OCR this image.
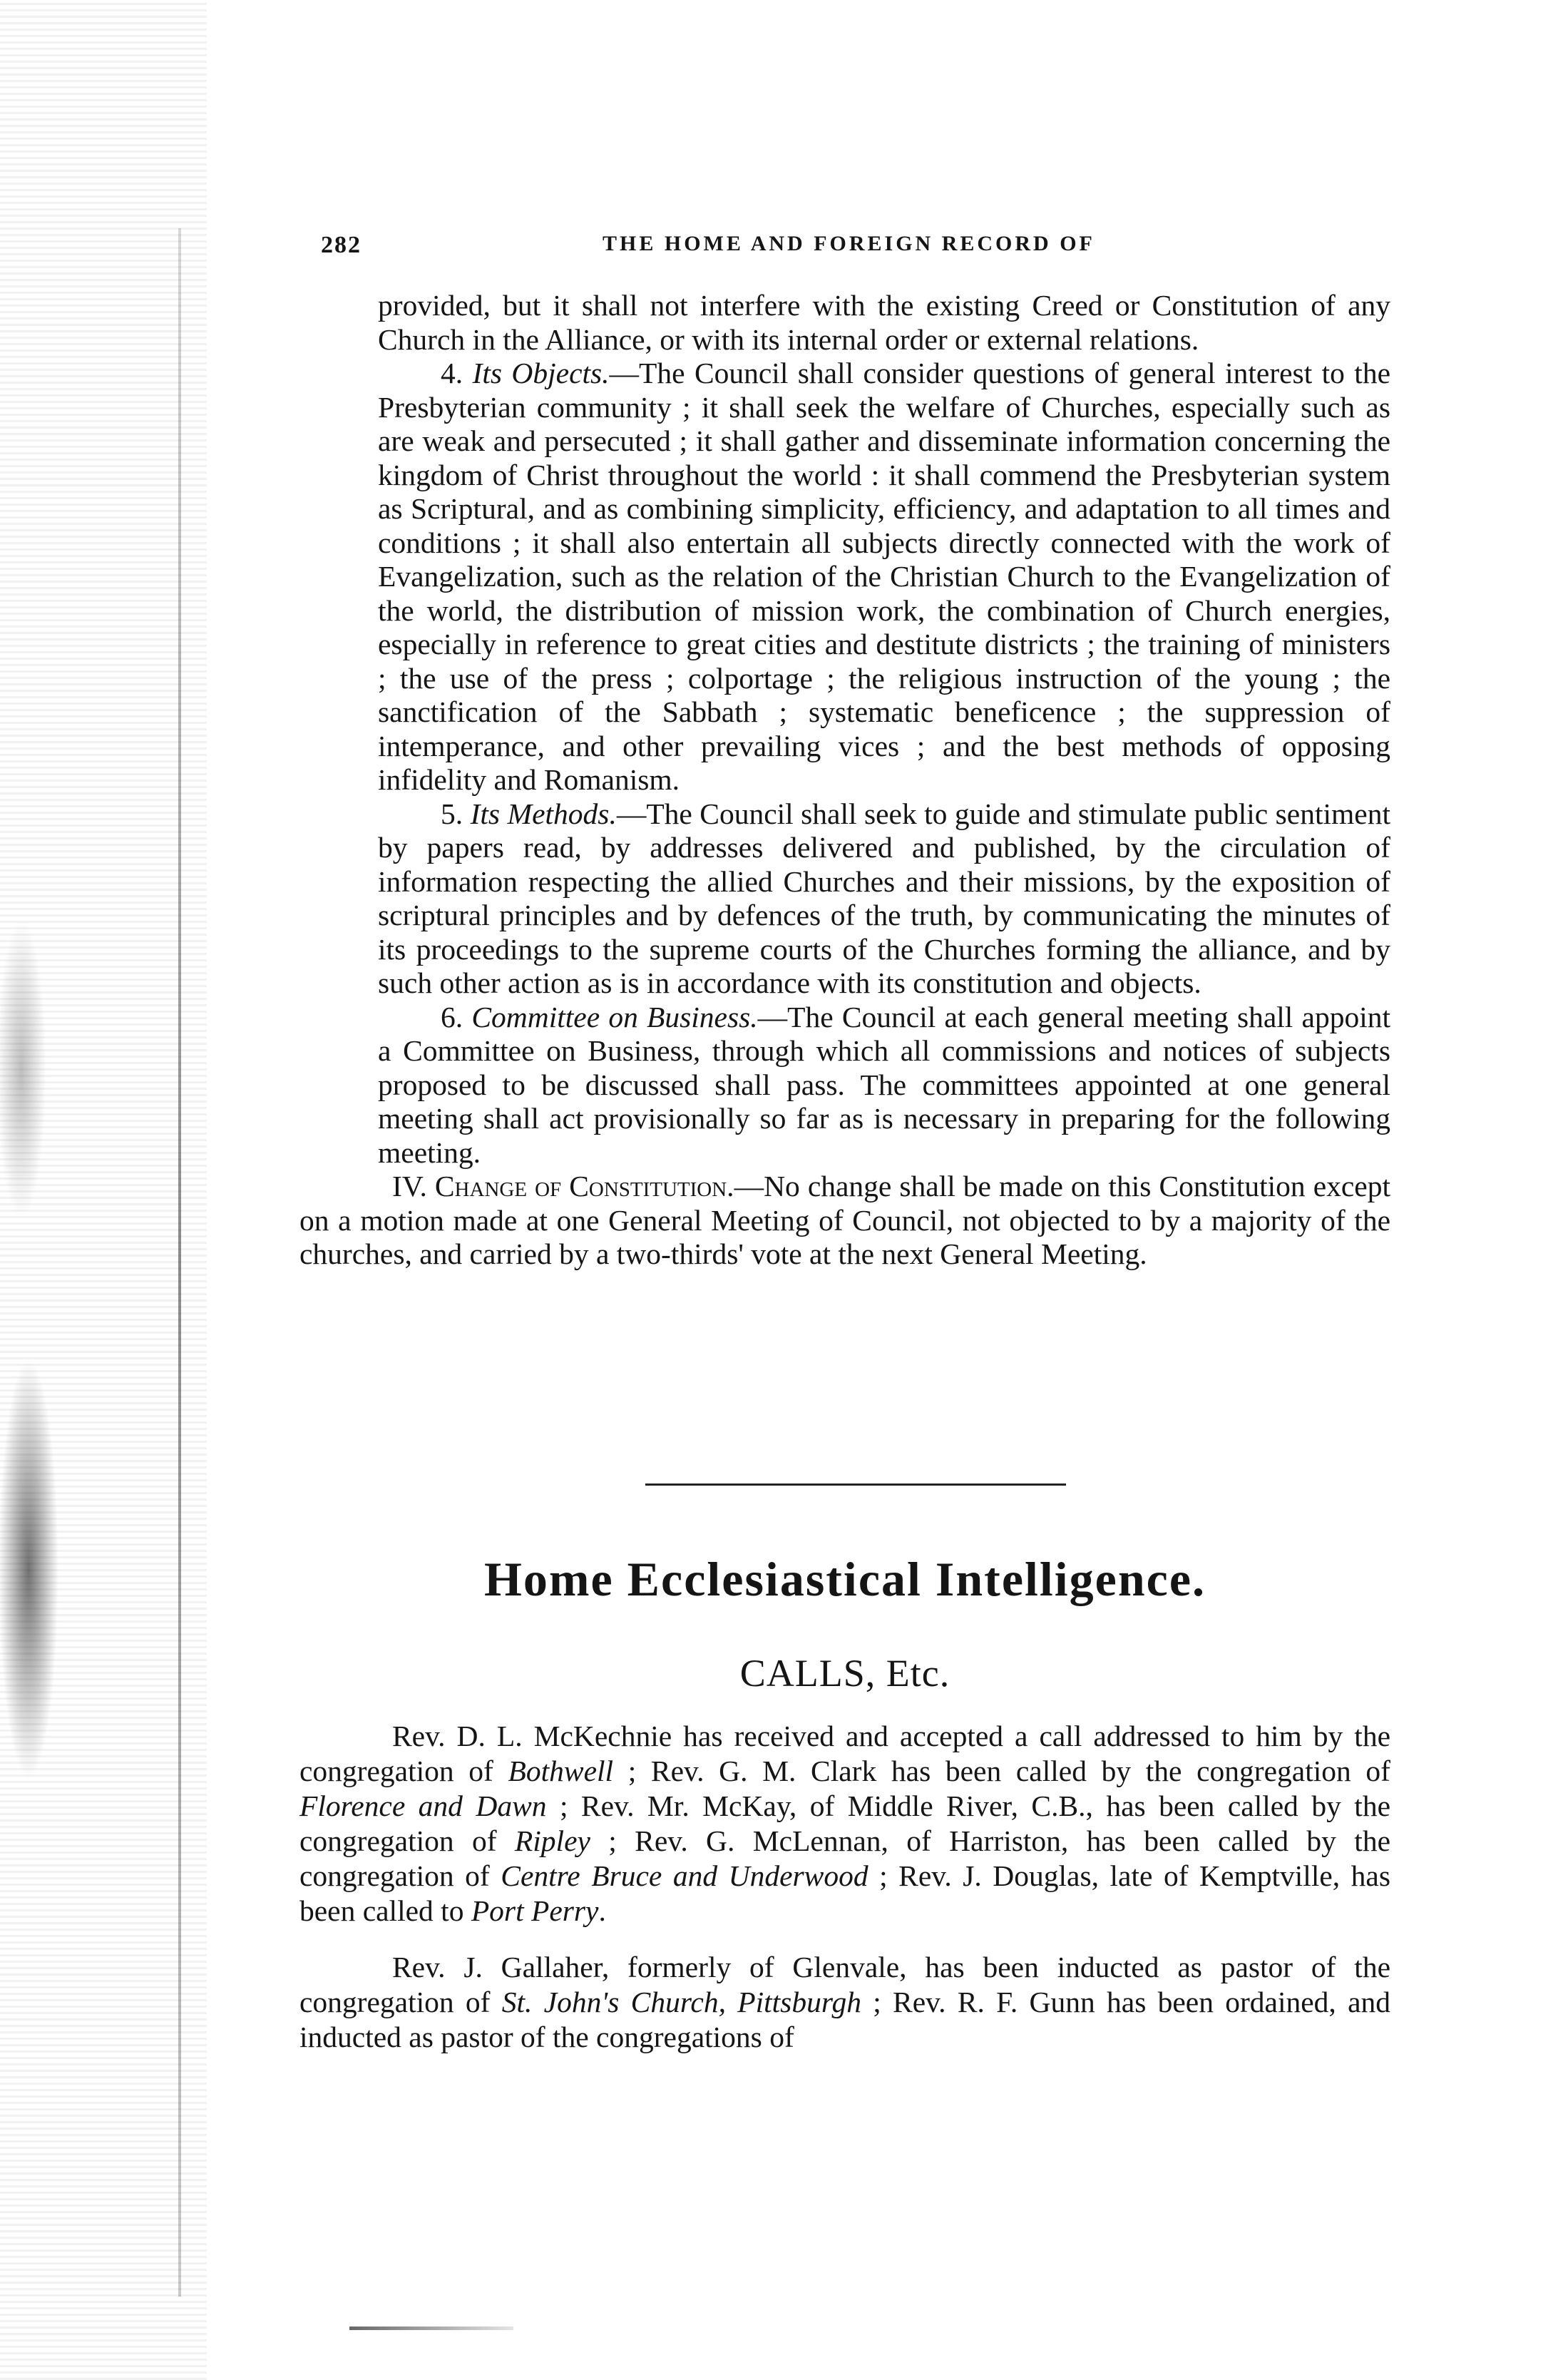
282	THE HOME AND FOREIGN RECORD OF

provided, but it shall not interfere with the existing Creed or Constitution of any Church in the Alliance, or with its internal order or external relations.

4. Its Objects.—The Council shall consider questions of general interest to the Presbyterian community ; it shall seek the welfare of Churches, especially such as are weak and persecuted ; it shall gather and disseminate information concerning the kingdom of Christ throughout the world : it shall commend the Presbyterian system as Scriptural, and as combining simplicity, efficiency, and adaptation to all times and conditions ; it shall also entertain all subjects directly connected with the work of Evangelization, such as the relation of the Christian Church to the Evangelization of the world, the distribution of mission work, the combination of Church energies, especially in reference to great cities and destitute districts ; the training of ministers ; the use of the press ; colportage ; the religious instruction of the young ; the sanctification of the Sabbath ; systematic beneficence ; the suppression of intemperance, and other prevailing vices ; and the best methods of opposing infidelity and Romanism.

5. Its Methods.—The Council shall seek to guide and stimulate public sentiment by papers read, by addresses delivered and published, by the circulation of information respecting the allied Churches and their missions, by the exposition of scriptural principles and by defences of the truth, by communicating the minutes of its proceedings to the supreme courts of the Churches forming the alliance, and by such other action as is in accordance with its constitution and objects.

6. Committee on Business.—The Council at each general meeting shall appoint a Committee on Business, through which all commissions and notices of subjects proposed to be discussed shall pass. The committees appointed at one general meeting shall act provisionally so far as is necessary in preparing for the following meeting.

IV. Change of Constitution.—No change shall be made on this Constitution except on a motion made at one General Meeting of Council, not objected to by a majority of the churches, and carried by a two-thirds' vote at the next General Meeting.

Home Ecclesiastical Intelligence.
CALLS, Etc.

Rev. D. L. McKechnie has received and accepted a call addressed to him by the congregation of Bothwell ; Rev. G. M. Clark has been called by the congregation of Florence and Dawn ; Rev. Mr. McKay, of Middle River, C.B., has been called by the congregation of Ripley ; Rev. G. McLennan, of Harriston, has been called by the congregation of Centre Bruce and Underwood ; Rev. J. Douglas, late of Kemptville, has been called to Port Perry.

Rev. J. Gallaher, formerly of Glenvale, has been inducted as pastor of the congregation of St. John's Church, Pittsburgh ; Rev. R. F. Gunn has been ordained, and inducted as pastor of the congregations of
